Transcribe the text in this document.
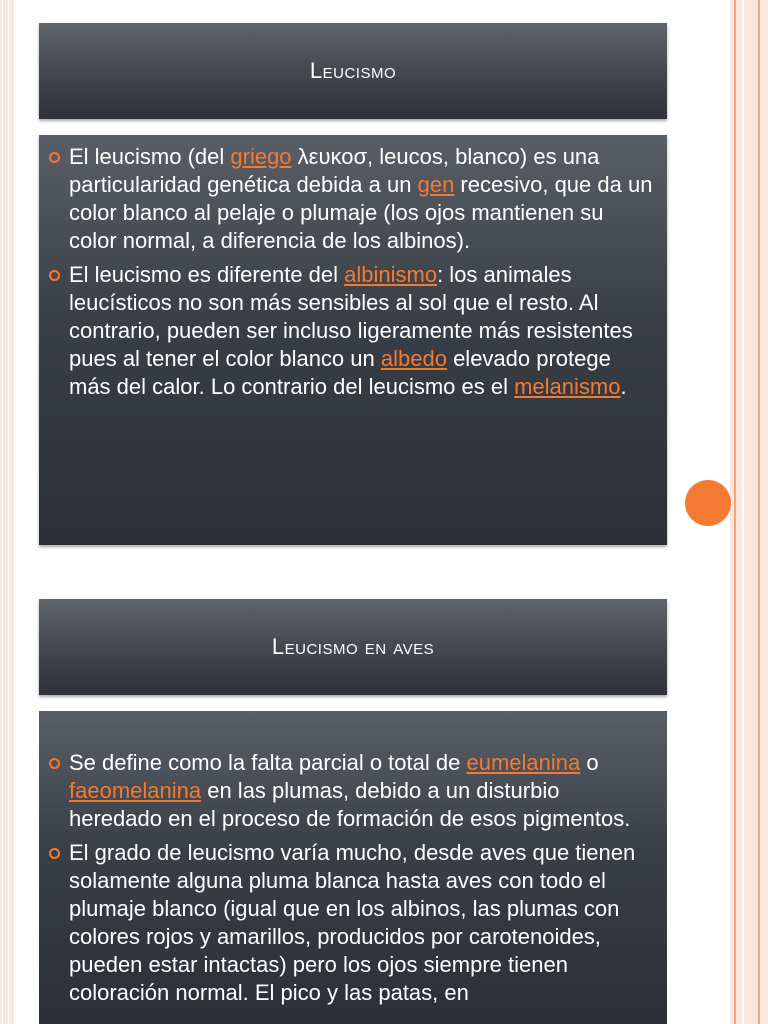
Leucismo

El leucismo (del griego λευκοσ, leucos, blanco) es una particularidad genética debida a un gen recesivo, que da un color blanco al pelaje o plumaje (los ojos mantienen su color normal, a diferencia de los albinos).

El leucismo es diferente del albinismo: los animales leucísticos no son más sensibles al sol que el resto. Al contrario, pueden ser incluso ligeramente más resistentes pues al tener el color blanco un albedo elevado protege más del calor. Lo contrario del leucismo es el melanismo.

Leucismo en aves

Se define como la falta parcial o total de eumelanina o faeomelanina en las plumas, debido a un disturbio heredado en el proceso de formación de esos pigmentos.

El grado de leucismo varía mucho, desde aves que tienen solamente alguna pluma blanca hasta aves con todo el plumaje blanco (igual que en los albinos, las plumas con colores rojos y amarillos, producidos por carotenoides, pueden estar intactas) pero los ojos siempre tienen coloración normal. El pico y las patas, en
